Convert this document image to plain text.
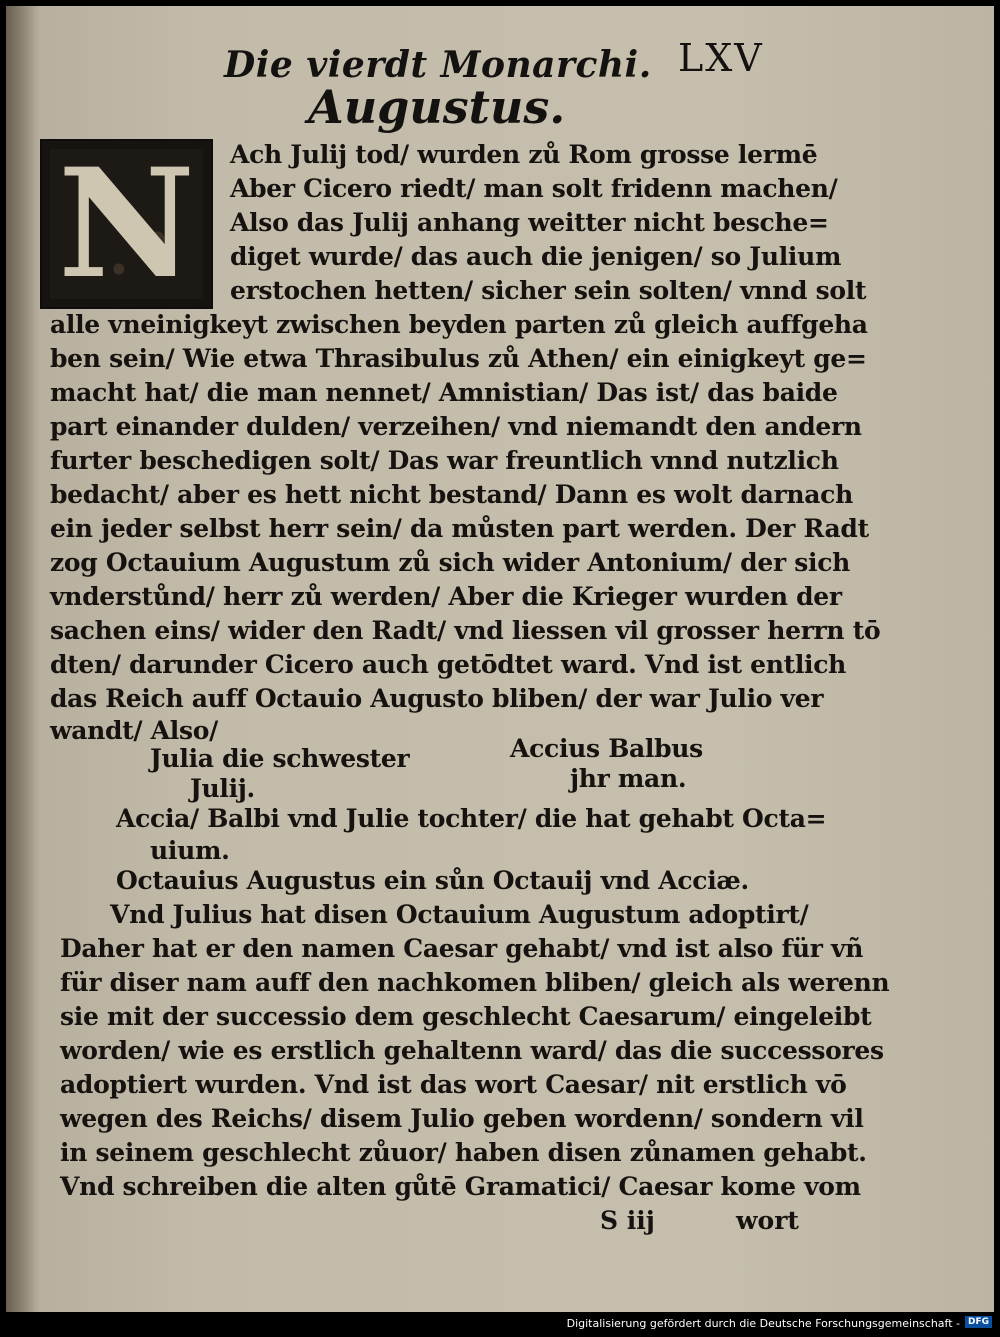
Die vierdt Monarchi. LXV
Augustus.
N	Ach Julij tod/ wurden zů Rom grosse lermē
Aber Cicero riedt/ man solt fridenn machen/
Also das Julij anhang weitter nicht besche=
diget wurde/ das auch die jenigen/ so Julium
erstochen hetten/ sicher sein solten/ vnnd solt
alle vneinigkeyt zwischen beyden parten zů gleich auffgeha
ben sein/ Wie etwa Thrasibulus zů Athen/ ein einigkeyt ge=
macht hat/ die man nennet/ Amnistian/ Das ist/ das baide
part einander dulden/ verzeihen/ vnd niemandt den andern
furter beschedigen solt/ Das war freuntlich vnnd nutzlich
bedacht/ aber es hett nicht bestand/ Dann es wolt darnach
ein jeder selbst herr sein/ da můsten part werden. Der Radt
zog Octauium Augustum zů sich wider Antonium/ der sich
vnderstůnd/ herr zů werden/ Aber die Krieger wurden der
sachen eins/ wider den Radt/ vnd liessen vil grosser herrn tō
dten/ darunder Cicero auch getōdtet ward. Vnd ist entlich
das Reich auff Octauio Augusto bliben/ der war Julio ver
wandt/ Also/
Julia die schwester	Accius Balbus
Julij.	jhr man.
Accia/ Balbi vnd Julie tochter/ die hat gehabt Octa=
uium.
Octauius Augustus ein sůn Octauij vnd Acciæ.
Vnd Julius hat disen Octauium Augustum adoptirt/
Daher hat er den namen Caesar gehabt/ vnd ist also für vñ
für diser nam auff den nachkomen bliben/ gleich als werenn
sie mit der successio dem geschlecht Caesarum/ eingeleibt
worden/ wie es erstlich gehaltenn ward/ das die successores
adoptiert wurden. Vnd ist das wort Caesar/ nit erstlich vō
wegen des Reichs/ disem Julio geben wordenn/ sondern vil
in seinem geschlecht zůuor/ haben disen zůnamen gehabt.
Vnd schreiben die alten gůtē Gramatici/ Caesar kome vom
S iij	wort
Digitalisierung gefördert durch die Deutsche Forschungsgemeinschaft - DFG
